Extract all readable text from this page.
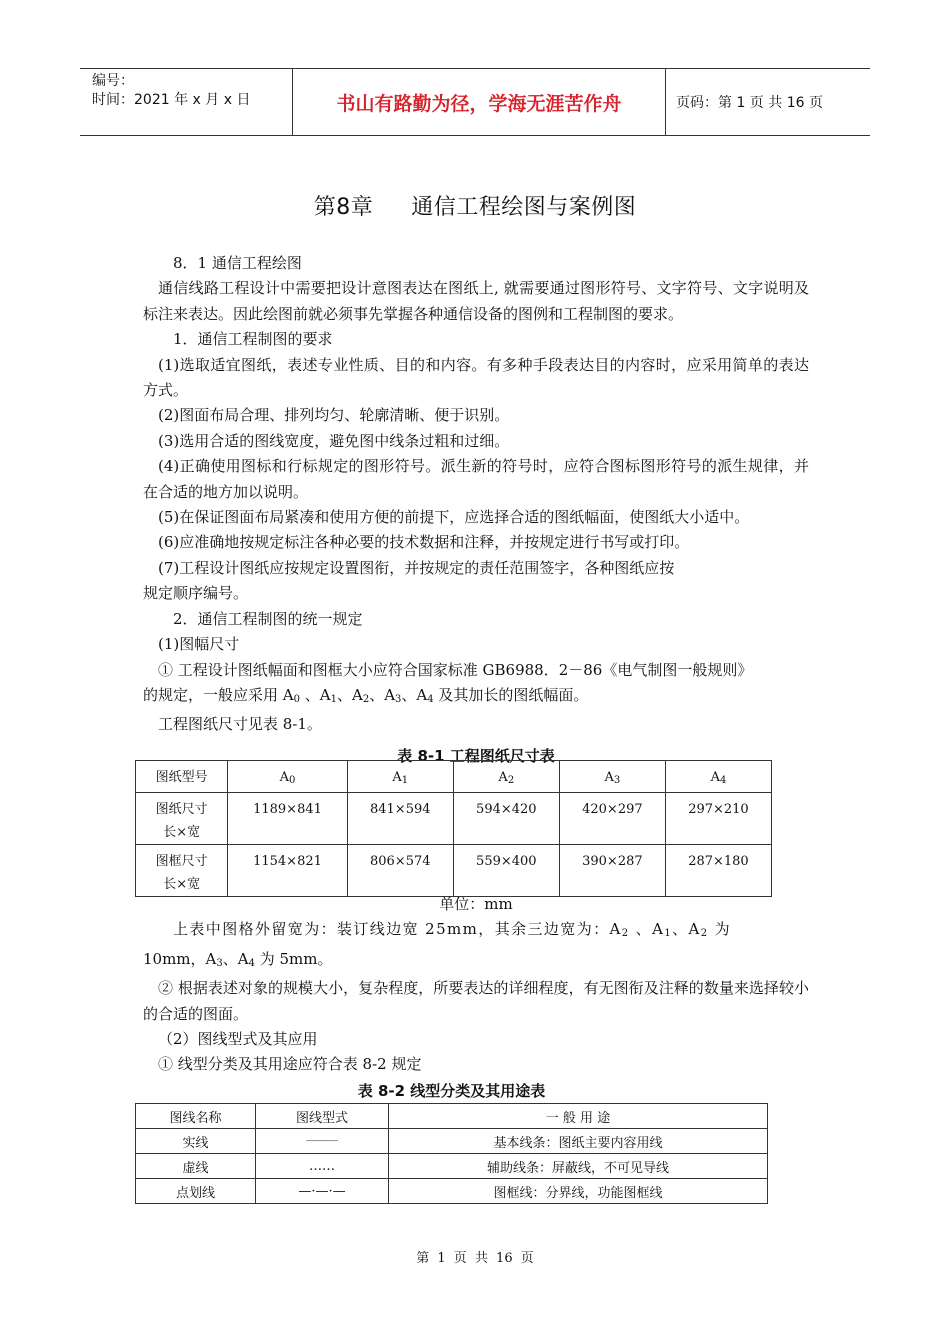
编号：
时间：2021 年 x 月 x 日	书山有路勤为径，学海无涯苦作舟	页码：第 1 页 共 16 页
第8章 通信工程绘图与案例图

8．1 通信工程绘图

通信线路工程设计中需要把设计意图表达在图纸上, 就需要通过图形符号、文字符号、文字说明及标注来表达。因此绘图前就必须事先掌握各种通信设备的图例和工程制图的要求。

1．通信工程制图的要求

(1)选取适宜图纸，表述专业性质、目的和内容。有多种手段表达目的内容时，应采用简单的表达方式。

(2)图面布局合理、排列均匀、轮廓清晰、便于识别。

(3)选用合适的图线宽度，避免图中线条过粗和过细。

(4)正确使用图标和行标规定的图形符号。派生新的符号时，应符合图标图形符号的派生规律，并在合适的地方加以说明。

(5)在保证图面布局紧凑和使用方便的前提下，应选择合适的图纸幅面，使图纸大小适中。

(6)应准确地按规定标注各种必要的技术数据和注释，并按规定进行书写或打印。

(7)工程设计图纸应按规定设置图衔，并按规定的责任范围签字，各种图纸应按

规定顺序编号。

2．通信工程制图的统一规定

(1)图幅尺寸

① 工程设计图纸幅面和图框大小应符合国家标准 GB6988．2－86《电气制图一般规则》

的规定，一般应采用 $A_0$ 、$A_1$、$A_2$、$A_3$、$A_4$ 及其加长的图纸幅面。

工程图纸尺寸见表 8-1。

表 8-1 工程图纸尺寸表

图纸型号	$A_0$	$A_1$	$A_2$	$A_3$	$A_4$
图纸尺寸
长×宽	1189×841	841×594	594×420	420×297	297×210
图框尺寸
长×宽	1154×821	806×574	559×400	390×287	287×180

单位：mm

上表中图格外留宽为：装订线边宽 25mm，其余三边宽为：$A_2$ 、$A_1$、$A_2$ 为

10mm，$A_3$、$A_4$ 为 5mm。

② 根据表述对象的规模大小，复杂程度，所要表达的详细程度，有无图衔及注释的数量来选择较小的合适的图面。

（2）图线型式及其应用

① 线型分类及其用途应符合表 8-2 规定

表 8-2 线型分类及其用途表
图线名称	图线型式	一 般 用 途
实线	────	基本线条：图纸主要内容用线
虚线	……	辅助线条：屏蔽线，不可见导线
点划线	—·—·—	图框线：分界线，功能图框线
第 1 页 共 16 页
